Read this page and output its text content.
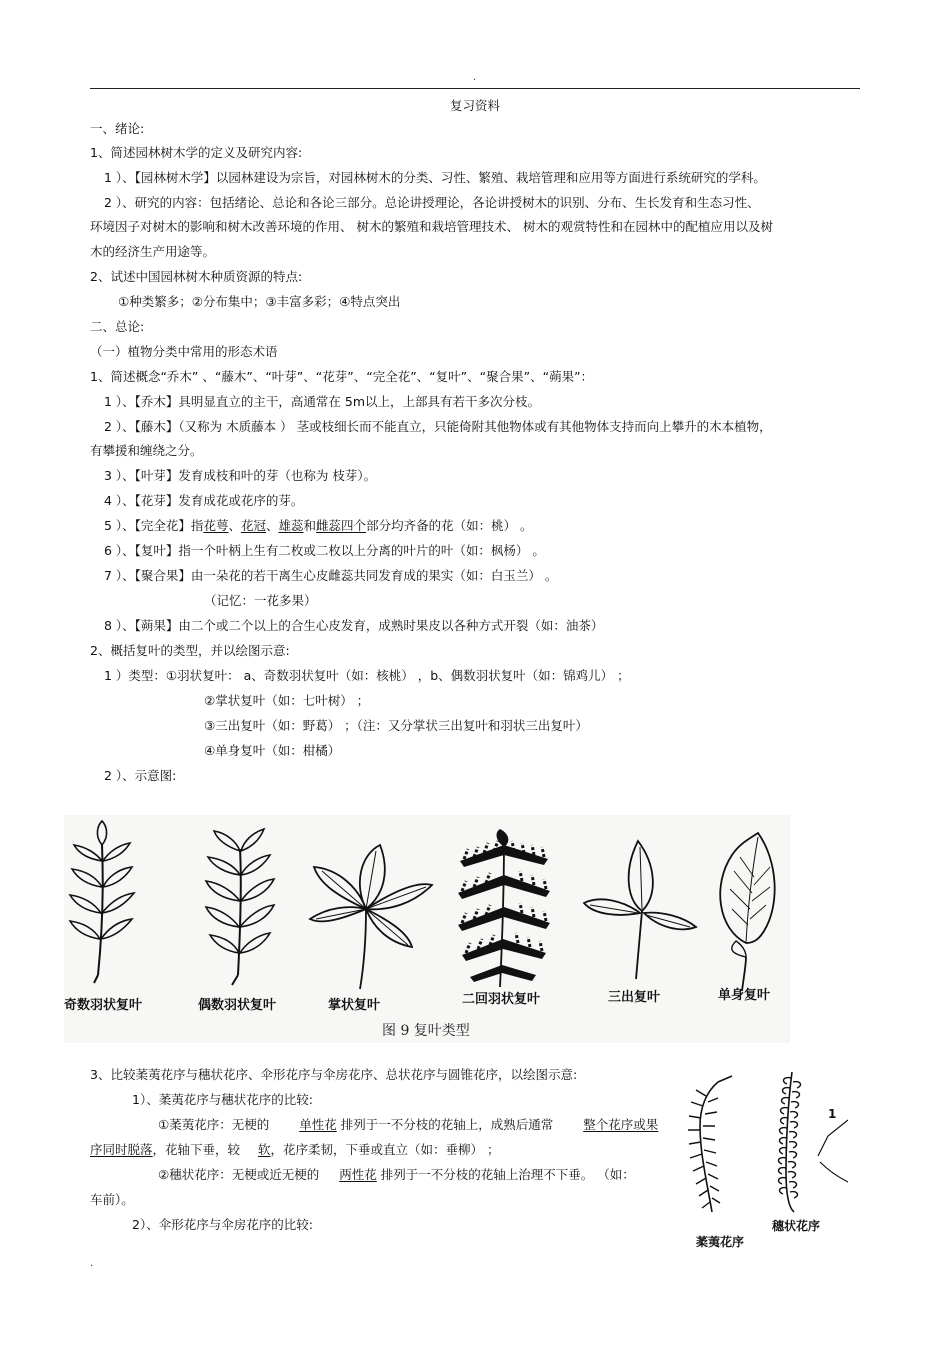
.
复习资料
一、绪论:
1、简述园林树木学的定义及研究内容:
1 ）、【园林树木学】以园林建设为宗旨，对园林树木的分类、习性、繁殖、栽培管理和应用等方面进行系统研究的学科。
2 ）、研究的内容：包括绪论、总论和各论三部分。总论讲授理论，各论讲授树木的识别、分布、生长发育和生态习性、
环境因子对树木的影响和树木改善环境的作用、 树木的繁殖和栽培管理技术、 树木的观赏特性和在园林中的配植应用以及树
木的经济生产用途等。
2、试述中国园林树木种质资源的特点:
①种类繁多；②分布集中；③丰富多彩；④特点突出
二、总论:
（一）植物分类中常用的形态术语
1、简述概念“乔木” 、“藤木”、“叶芽”、“花芽”、“完全花”、“复叶”、“聚合果”、“蒴果”：
1 ）、【乔木】具明显直立的主干，高通常在 5m以上，上部具有若干多次分枝。
2 ）、【藤木】（又称为 木质藤本 ） 茎或枝细长而不能直立，只能倚附其他物体或有其他物体支持而向上攀升的木本植物，
有攀援和缠绕之分。
3 ）、【叶芽】发育成枝和叶的芽（也称为 枝芽）。
4 ）、【花芽】发育成花或花序的芽。
5 ）、【完全花】指花萼、花冠、雄蕊和雌蕊四个部分均齐备的花（如：桃） 。
6 ）、【复叶】指一个叶柄上生有二枚或二枚以上分离的叶片的叶（如：枫杨） 。
7 ）、【聚合果】由一朵花的若干离生心皮雌蕊共同发育成的果实（如：白玉兰） 。
（记忆：一花多果）
8 ）、【蒴果】由二个或二个以上的合生心皮发育，成熟时果皮以各种方式开裂（如：油茶）
2、概括复叶的类型，并以绘图示意:
1 ）类型：①羽状复叶： a、奇数羽状复叶（如：核桃） ，b、偶数羽状复叶（如：锦鸡儿） ；
②掌状复叶（如：七叶树） ；
③三出复叶（如：野葛） ；（注：又分掌状三出复叶和羽状三出复叶）
④单身复叶（如：柑橘）
2 ）、示意图:
奇数羽状复叶	偶数羽状复叶	掌状复叶	二回羽状复叶	三出复叶	单身复叶
图 9 复叶类型
3、比较葇荑花序与穗状花序、伞形花序与伞房花序、总状花序与圆锥花序，以绘图示意:
1）、葇荑花序与穗状花序的比较:
①葇荑花序：无梗的 单性花 排列于一不分枝的花轴上，成熟后通常 整个花序或果
序同时脱落，花轴下垂，较 软，花序柔韧，下垂或直立（如：垂柳） ；
②穗状花序：无梗或近无梗的 两性花 排列于一不分枝的花轴上治理不下垂。 （如：
车前）。
2）、伞形花序与伞房花序的比较:
1
葇荑花序
穗状花序
.
